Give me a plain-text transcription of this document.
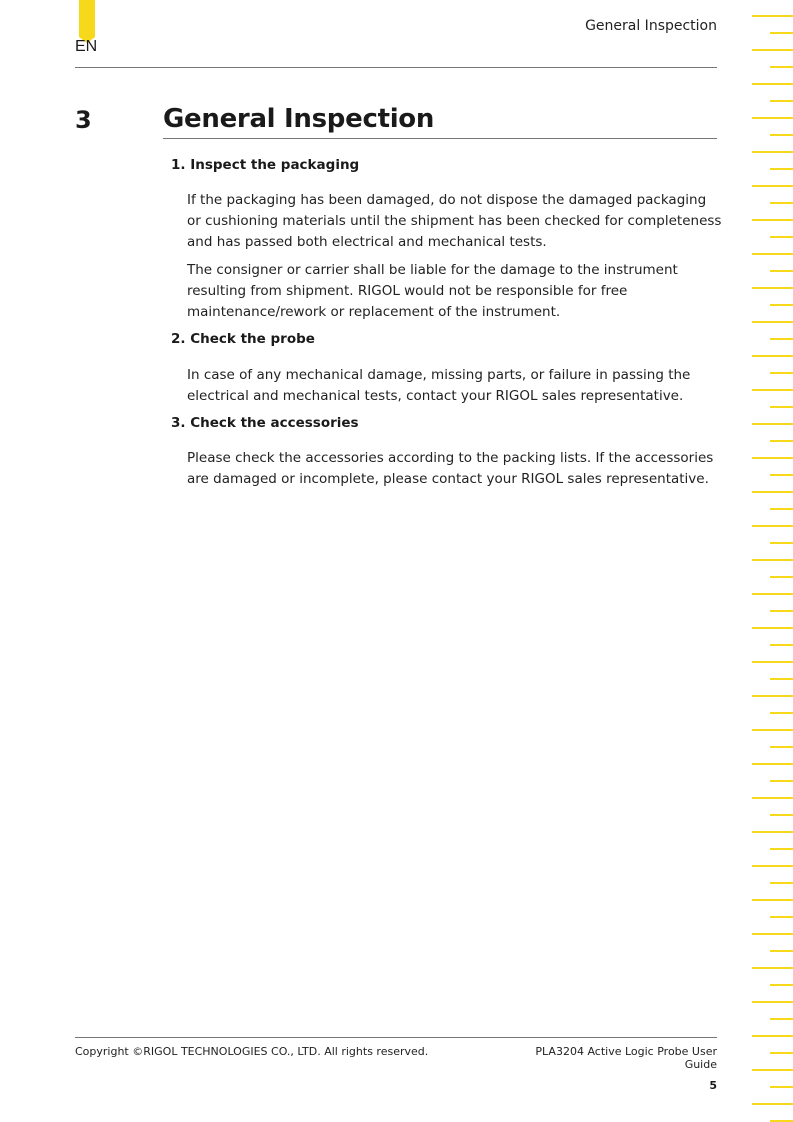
EN
General Inspection
3	General Inspection
1. Inspect the packaging
If the packaging has been damaged, do not dispose the damaged packaging or cushioning materials until the shipment has been checked for completeness and has passed both electrical and mechanical tests.
The consigner or carrier shall be liable for the damage to the instrument resulting from shipment. RIGOL would not be responsible for free maintenance/rework or replacement of the instrument.
2. Check the probe
In case of any mechanical damage, missing parts, or failure in passing the electrical and mechanical tests, contact your RIGOL sales representative.
3. Check the accessories
Please check the accessories according to the packing lists. If the accessories are damaged or incomplete, please contact your RIGOL sales representative.
Copyright ©RIGOL TECHNOLOGIES CO., LTD. All rights reserved.	PLA3204 Active Logic Probe User Guide
5
